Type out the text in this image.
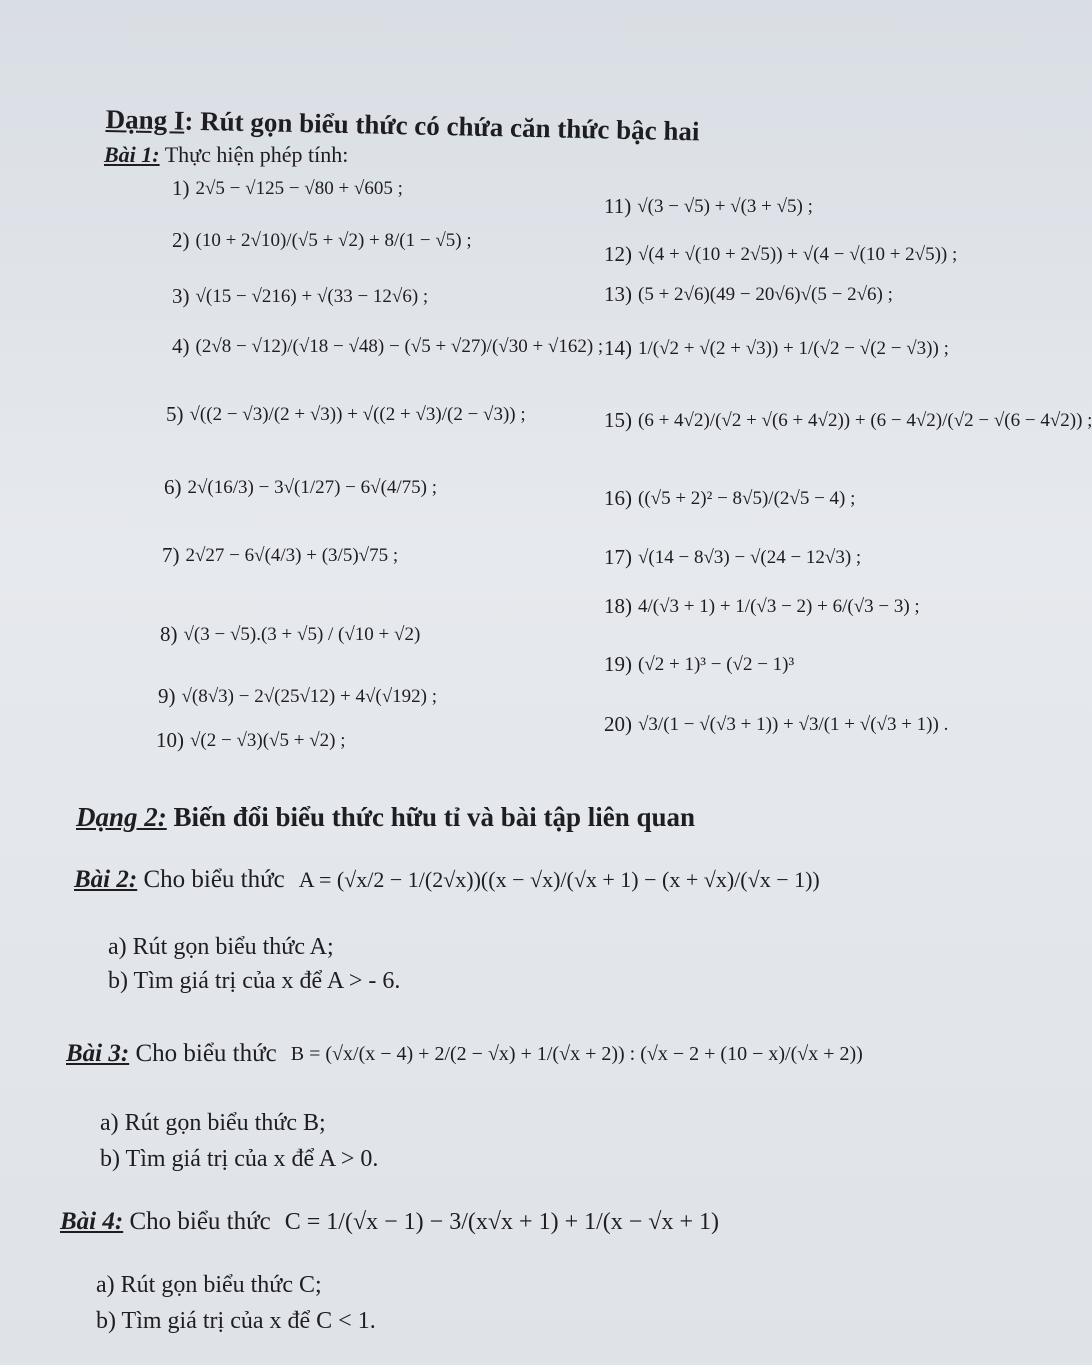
Dạng I: Rút gọn biểu thức có chứa căn thức bậc hai
Bài 1: Thực hiện phép tính:
1) 2√5 − √125 − √80 + √605 ;
2) (10 + 2√10)/(√5 + √2) + 8/(1 − √5) ;
3) √(15 − √216) + √(33 − 12√6) ;
4) (2√8 − √12)/(√18 − √48) − (√5 + √27)/(√30 + √162) ;
5) √((2 − √3)/(2 + √3)) + √((2 + √3)/(2 − √3)) ;
6) 2√(16/3) − 3√(1/27) − 6√(4/75) ;
7) 2√27 − 6√(4/3) + (3/5)√75 ;
8) √(3 − √5).(3 + √5) / (√10 + √2)
9) √(8√3) − 2√(25√12) + 4√(√192) ;
10) √(2 − √3)(√5 + √2) ;
11) √(3 − √5) + √(3 + √5) ;
12) √(4 + √(10 + 2√5)) + √(4 − √(10 + 2√5)) ;
13) (5 + 2√6)(49 − 20√6)√(5 − 2√6) ;
14) 1/(√2 + √(2 + √3)) + 1/(√2 − √(2 − √3)) ;
15) (6 + 4√2)/(√2 + √(6 + 4√2)) + (6 − 4√2)/(√2 − √(6 − 4√2)) ;
16) ((√5 + 2)² − 8√5)/(2√5 − 4) ;
17) √(14 − 8√3) − √(24 − 12√3) ;
18) 4/(√3 + 1) + 1/(√3 − 2) + 6/(√3 − 3) ;
19) (√2 + 1)³ − (√2 − 1)³
20) √3/(1 − √(√3 + 1)) + √3/(1 + √(√3 + 1)) .
Dạng 2: Biến đổi biểu thức hữu tỉ và bài tập liên quan
Bài 2: Cho biểu thức A = (√x/2 − 1/(2√x))((x − √x)/(√x + 1) − (x + √x)/(√x − 1))
a) Rút gọn biểu thức A;
b) Tìm giá trị của x để A > - 6.
Bài 3: Cho biểu thức B = (√x/(x − 4) + 2/(2 − √x) + 1/(√x + 2)) : (√x − 2 + (10 − x)/(√x + 2))
a) Rút gọn biểu thức B;
b) Tìm giá trị của x để A > 0.
Bài 4: Cho biểu thức C = 1/(√x − 1) − 3/(x√x + 1) + 1/(x − √x + 1)
a) Rút gọn biểu thức C;
b) Tìm giá trị của x để C < 1.
